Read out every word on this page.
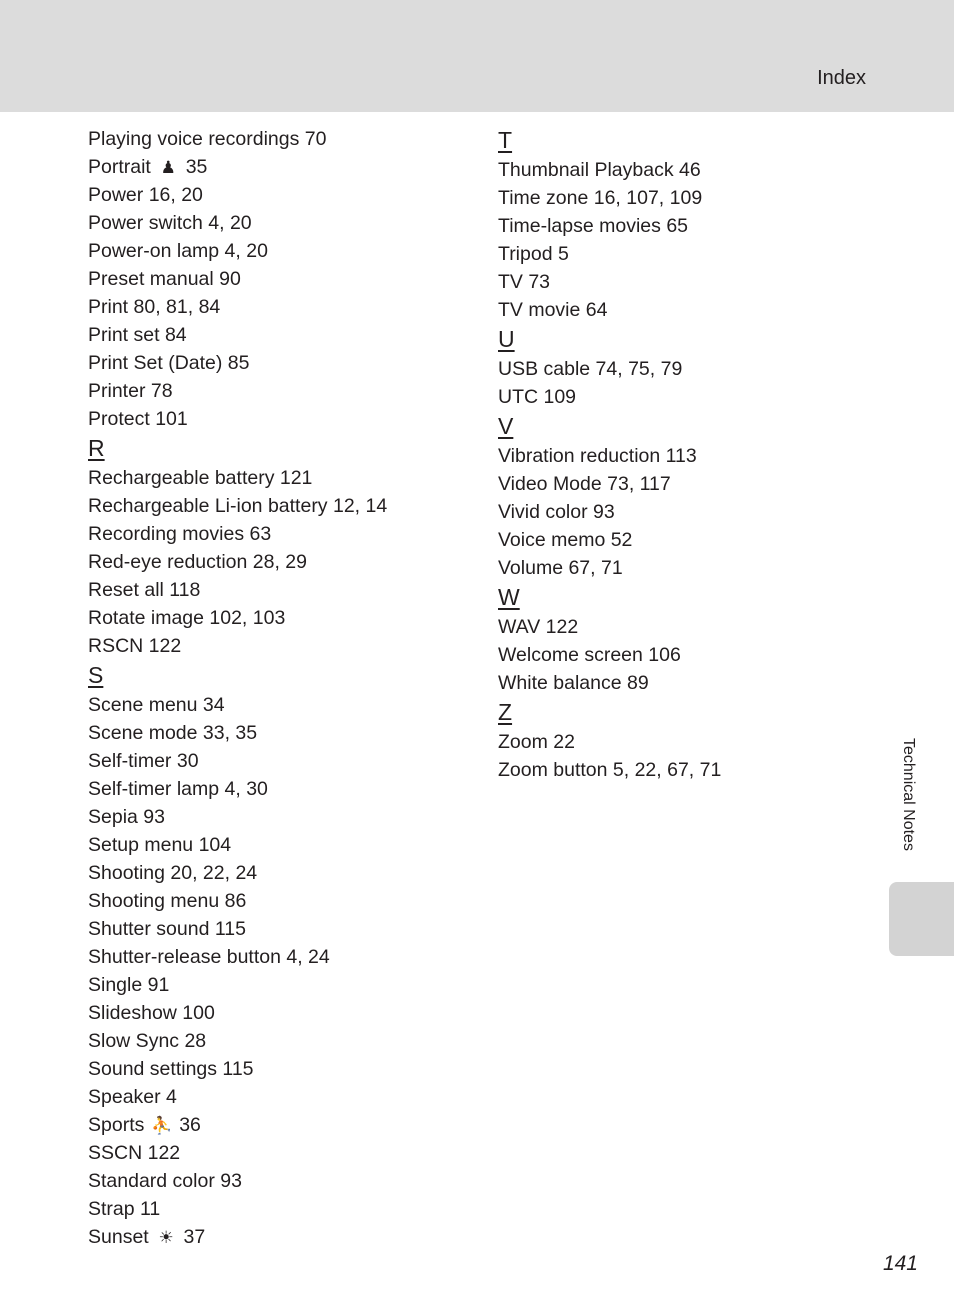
Index
Playing voice recordings 70
Portrait ♟ 35
Power 16, 20
Power switch 4, 20
Power-on lamp 4, 20
Preset manual 90
Print 80, 81, 84
Print set 84
Print Set (Date) 85
Printer 78
Protect 101
R
Rechargeable battery 121
Rechargeable Li-ion battery 12, 14
Recording movies 63
Red-eye reduction 28, 29
Reset all 118
Rotate image 102, 103
RSCN 122
S
Scene menu 34
Scene mode 33, 35
Self-timer 30
Self-timer lamp 4, 30
Sepia 93
Setup menu 104
Shooting 20, 22, 24
Shooting menu 86
Shutter sound 115
Shutter-release button 4, 24
Single 91
Slideshow 100
Slow Sync 28
Sound settings 115
Speaker 4
Sports ⛹ 36
SSCN 122
Standard color 93
Strap 11
Sunset ☀ 37
T
Thumbnail Playback 46
Time zone 16, 107, 109
Time-lapse movies 65
Tripod 5
TV 73
TV movie 64
U
USB cable 74, 75, 79
UTC 109
V
Vibration reduction 113
Video Mode 73, 117
Vivid color 93
Voice memo 52
Volume 67, 71
W
WAV 122
Welcome screen 106
White balance 89
Z
Zoom 22
Zoom button 5, 22, 67, 71	Technical Notes
141
